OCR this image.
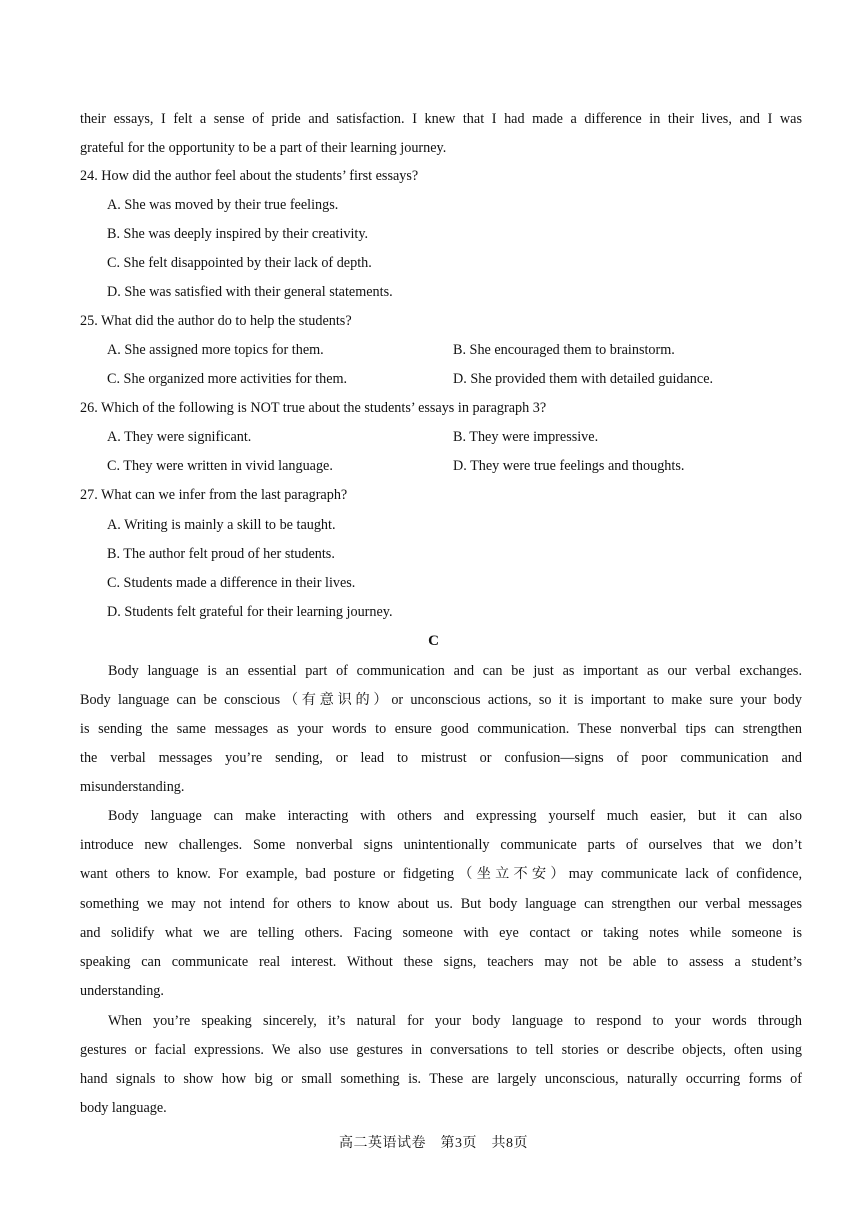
their essays, I felt a sense of pride and satisfaction. I knew that I had made a difference in their lives, and I was
grateful for the opportunity to be a part of their learning journey.
24. How did the author feel about the students’ first essays?
A. She was moved by their true feelings.
B. She was deeply inspired by their creativity.
C. She felt disappointed by their lack of depth.
D. She was satisfied with their general statements.
25. What did the author do to help the students?
A. She assigned more topics for them.	B. She encouraged them to brainstorm.
C. She organized more activities for them.	D. She provided them with detailed guidance.
26. Which of the following is NOT true about the students’ essays in paragraph 3?
A. They were significant.	B. They were impressive.
C. They were written in vivid language.	D. They were true feelings and thoughts.
27. What can we infer from the last paragraph?
A. Writing is mainly a skill to be taught.
B. The author felt proud of her students.
C. Students made a difference in their lives.
D. Students felt grateful for their learning journey.
C
Body language is an essential part of communication and can be just as important as our verbal exchanges.
Body language can be conscious（有意识的）or unconscious actions, so it is important to make sure your body
is sending the same messages as your words to ensure good communication. These nonverbal tips can strengthen
the verbal messages you’re sending, or lead to mistrust or confusion—signs of poor communication and
misunderstanding.
Body language can make interacting with others and expressing yourself much easier, but it can also
introduce new challenges. Some nonverbal signs unintentionally communicate parts of ourselves that we don’t
want others to know. For example, bad posture or fidgeting（坐立不安）may communicate lack of confidence,
something we may not intend for others to know about us. But body language can strengthen our verbal messages
and solidify what we are telling others. Facing someone with eye contact or taking notes while someone is
speaking can communicate real interest. Without these signs, teachers may not be able to assess a student’s
understanding.
When you’re speaking sincerely, it’s natural for your body language to respond to your words through
gestures or facial expressions. We also use gestures in conversations to tell stories or describe objects, often using
hand signals to show how big or small something is. These are largely unconscious, naturally occurring forms of
body language.
高二英语试卷　第3页　共8页
